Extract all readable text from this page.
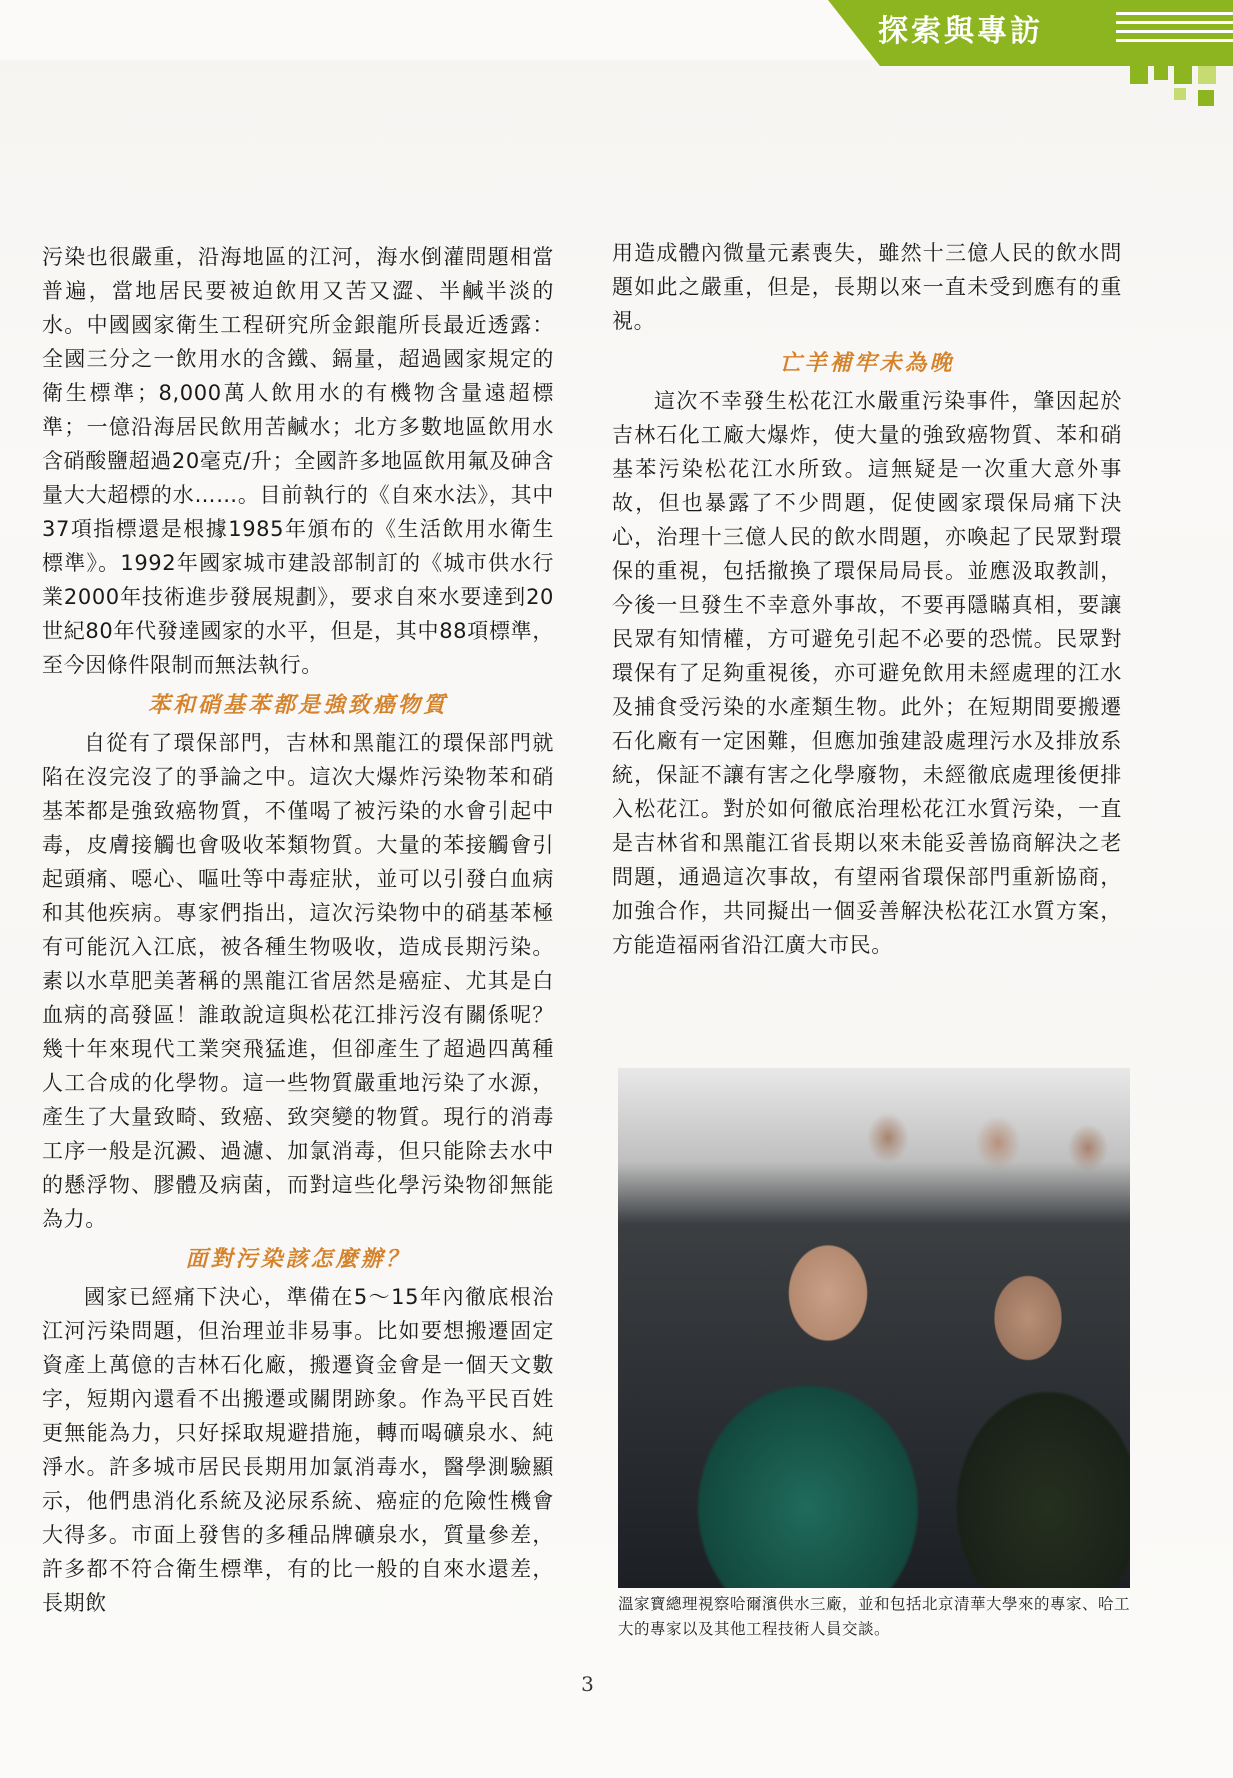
探索與專訪

污染也很嚴重，沿海地區的江河，海水倒灌問題相當普遍，當地居民要被迫飲用又苦又澀、半鹹半淡的水。中國國家衛生工程研究所金銀龍所長最近透露：全國三分之一飲用水的含鐵、鎘量，超過國家規定的衛生標準；8,000萬人飲用水的有機物含量遠超標準；一億沿海居民飲用苦鹹水；北方多數地區飲用水含硝酸鹽超過20毫克/升；全國許多地區飲用氟及砷含量大大超標的水……。目前執行的《自來水法》，其中37項指標還是根據1985年頒布的《生活飲用水衛生標準》。1992年國家城市建設部制訂的《城市供水行業2000年技術進步發展規劃》，要求自來水要達到20世紀80年代發達國家的水平，但是，其中88項標準，至今因條件限制而無法執行。

苯和硝基苯都是強致癌物質

自從有了環保部門，吉林和黑龍江的環保部門就陷在沒完沒了的爭論之中。這次大爆炸污染物苯和硝基苯都是強致癌物質，不僅喝了被污染的水會引起中毒，皮膚接觸也會吸收苯類物質。大量的苯接觸會引起頭痛、噁心、嘔吐等中毒症狀，並可以引發白血病和其他疾病。專家們指出，這次污染物中的硝基苯極有可能沉入江底，被各種生物吸收，造成長期污染。素以水草肥美著稱的黑龍江省居然是癌症、尤其是白血病的高發區！誰敢說這與松花江排污沒有關係呢？幾十年來現代工業突飛猛進，但卻產生了超過四萬種人工合成的化學物。這一些物質嚴重地污染了水源，產生了大量致畸、致癌、致突變的物質。現行的消毒工序一般是沉澱、過濾、加氯消毒，但只能除去水中的懸浮物、膠體及病菌，而對這些化學污染物卻無能為力。

面對污染該怎麼辦？

國家已經痛下決心，準備在5～15年內徹底根治江河污染問題，但治理並非易事。比如要想搬遷固定資產上萬億的吉林石化廠，搬遷資金會是一個天文數字，短期內還看不出搬遷或關閉跡象。作為平民百姓更無能為力，只好採取規避措施，轉而喝礦泉水、純淨水。許多城市居民長期用加氯消毒水，醫學測驗顯示，他們患消化系統及泌尿系統、癌症的危險性機會大得多。市面上發售的多種品牌礦泉水，質量參差，許多都不符合衛生標準，有的比一般的自來水還差，長期飲

用造成體內微量元素喪失，雖然十三億人民的飲水問題如此之嚴重，但是，長期以來一直未受到應有的重視。

亡羊補牢未為晚

這次不幸發生松花江水嚴重污染事件，肇因起於吉林石化工廠大爆炸，使大量的強致癌物質、苯和硝基苯污染松花江水所致。這無疑是一次重大意外事故，但也暴露了不少問題，促使國家環保局痛下決心，治理十三億人民的飲水問題，亦喚起了民眾對環保的重視，包括撤換了環保局局長。並應汲取教訓，今後一旦發生不幸意外事故，不要再隱瞞真相，要讓民眾有知情權，方可避免引起不必要的恐慌。民眾對環保有了足夠重視後，亦可避免飲用未經處理的江水及捕食受污染的水產類生物。此外；在短期間要搬遷石化廠有一定困難，但應加強建設處理污水及排放系統，保証不讓有害之化學廢物，未經徹底處理後便排入松花江。對於如何徹底治理松花江水質污染，一直是吉林省和黑龍江省長期以來未能妥善協商解決之老問題，通過這次事故，有望兩省環保部門重新協商，加強合作，共同擬出一個妥善解決松花江水質方案，方能造福兩省沿江廣大市民。

溫家寶總理視察哈爾濱供水三廠，並和包括北京清華大學來的專家、哈工大的專家以及其他工程技術人員交談。
3
